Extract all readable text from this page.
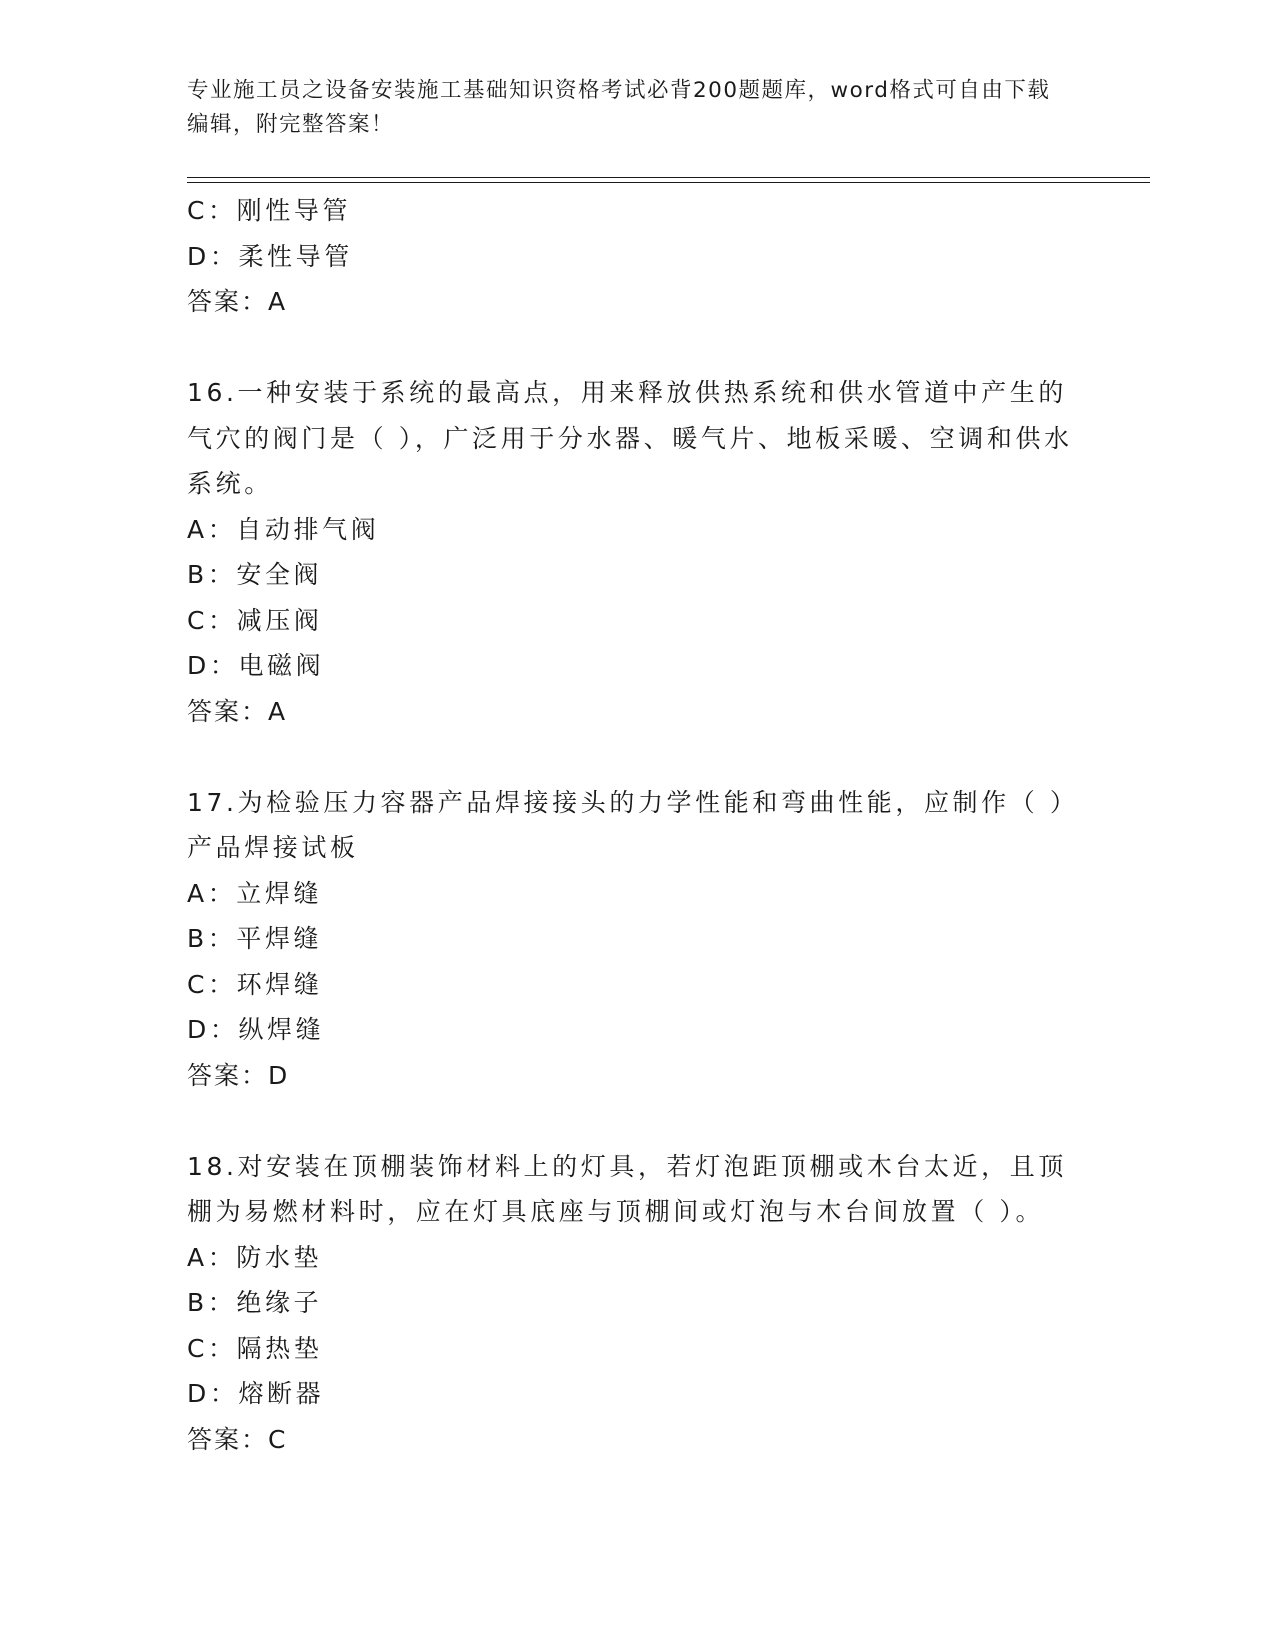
专业施工员之设备安装施工基础知识资格考试必背200题题库，word格式可自由下载编辑，附完整答案！
C：刚性导管
D：柔性导管
答案：A
16.一种安装于系统的最高点，用来释放供热系统和供水管道中产生的气穴的阀门是（ ），广泛用于分水器、暖气片、地板采暖、空调和供水系统。
A：自动排气阀
B：安全阀
C：减压阀
D：电磁阀
答案：A
17.为检验压力容器产品焊接接头的力学性能和弯曲性能，应制作（ ）产品焊接试板
A：立焊缝
B：平焊缝
C：环焊缝
D：纵焊缝
答案：D
18.对安装在顶棚装饰材料上的灯具，若灯泡距顶棚或木台太近，且顶棚为易燃材料时，应在灯具底座与顶棚间或灯泡与木台间放置（ ）。
A：防水垫
B：绝缘子
C：隔热垫
D：熔断器
答案：C
